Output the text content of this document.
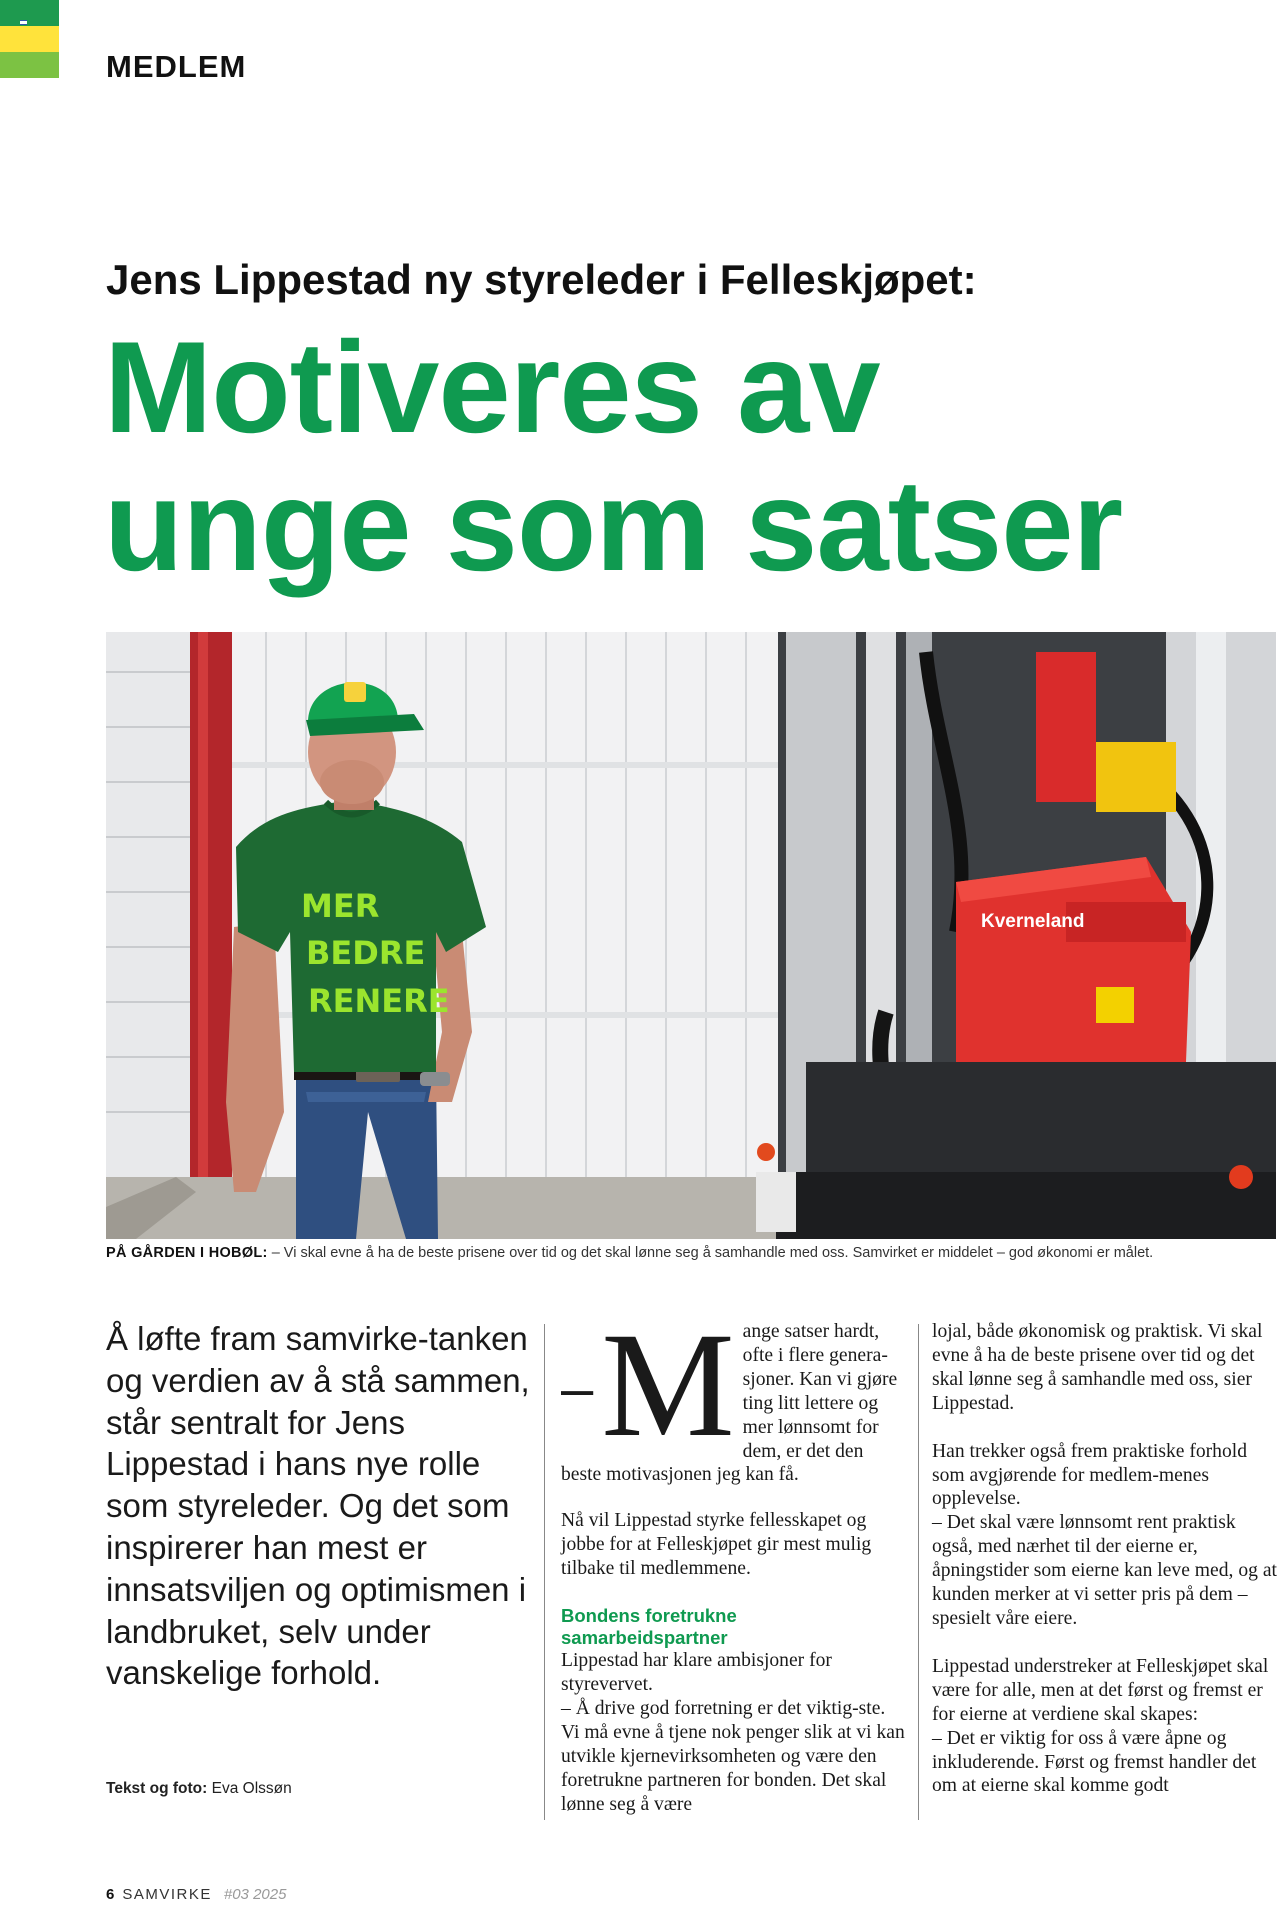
MEDLEM
Jens Lippestad ny styreleder i Felleskjøpet:
Motiveres av
unge som satser
Kverneland
MER
BEDRE
RENERE
PÅ GÅRDEN I HOBØL: – Vi skal evne å ha de beste prisene over tid og det skal lønne seg å samhandle med oss. Samvirket er middelet – god økonomi er målet.
Å løfte fram samvirke-tanken og verdien av å stå sammen, står sentralt for Jens Lippestad i hans nye rolle som styreleder. Og det som inspirerer han mest er innsatsviljen og optimismen i landbruket, selv under vanskelige forhold.
Tekst og foto: Eva Olssøn
– M ange satser hardt, ofte i flere genera-sjoner. Kan vi gjøre ting litt lettere og mer lønnsomt for dem, er det den beste motivasjonen jeg kan få.

Nå vil Lippestad styrke fellesskapet og jobbe for at Felleskjøpet gir mest mulig tilbake til medlemmene.

Bondens foretrukne samarbeidspartner

Lippestad har klare ambisjoner for styrevervet.
– Å drive god forretning er det viktig-ste. Vi må evne å tjene nok penger slik at vi kan utvikle kjernevirksomheten og være den foretrukne partneren for bonden. Det skal lønne seg å være

lojal, både økonomisk og praktisk. Vi skal evne å ha de beste prisene over tid og det skal lønne seg å samhandle med oss, sier Lippestad.

Han trekker også frem praktiske forhold som avgjørende for medlem-menes opplevelse.
– Det skal være lønnsomt rent praktisk også, med nærhet til der eierne er, åpningstider som eierne kan leve med, og at kunden merker at vi setter pris på dem – spesielt våre eiere.

Lippestad understreker at Felleskjøpet skal være for alle, men at det først og fremst er for eierne at verdiene skal skapes:
– Det er viktig for oss å være åpne og inkluderende. Først og fremst handler det om at eierne skal komme godt

6 SAMVIRKE #03 2025
